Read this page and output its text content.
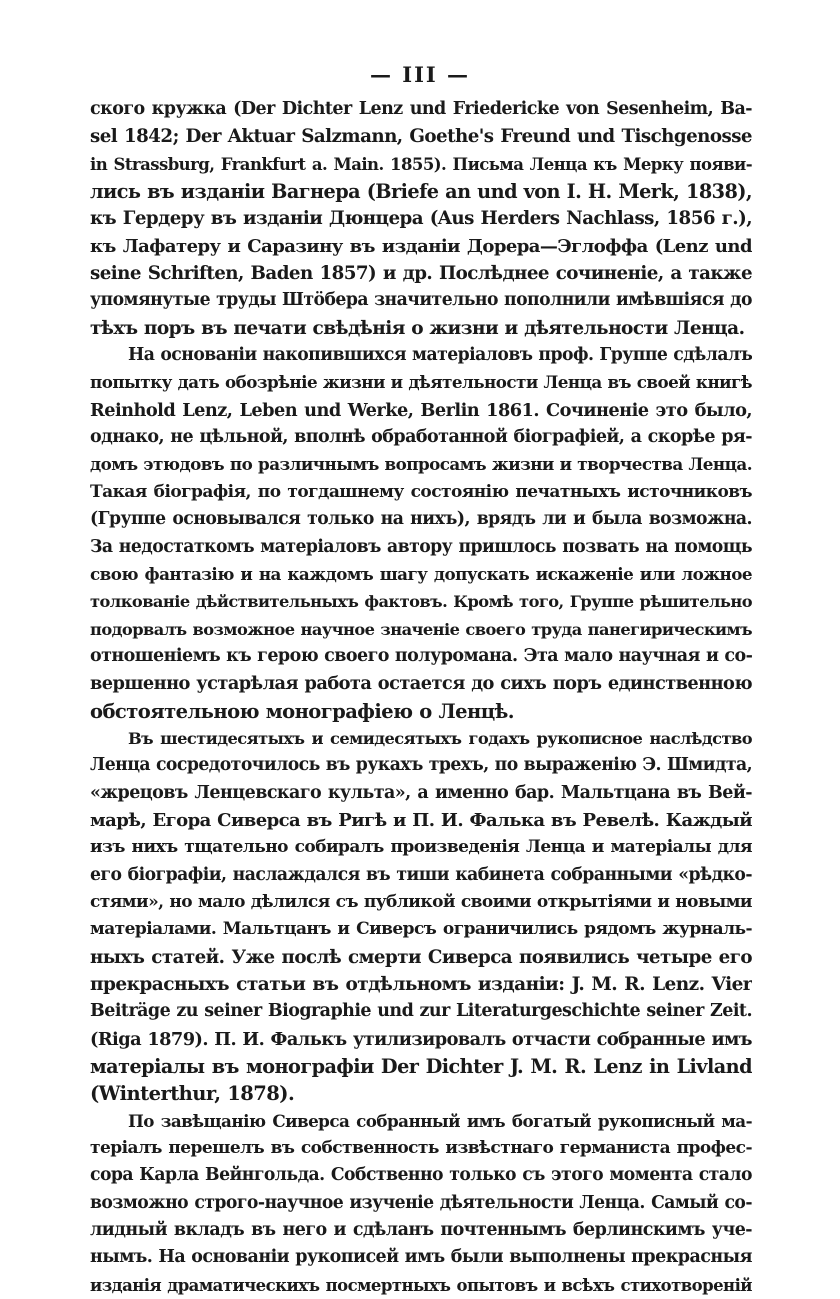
— III —
ского кружка (Der Dichter Lenz und Friedericke von Sesenheim, Ba-
sel 1842; Der Aktuar Salzmann, Goethe's Freund und Tischgenosse
in Strassburg, Frankfurt a. Main. 1855). Письма Ленца къ Мерку появи-
лись въ изданіи Вагнера (Briefe an und von I. H. Merk, 1838),
къ Гердеру въ изданіи Дюнцера (Aus Herders Nachlass, 1856 г.),
къ Лафатеру и Саразину въ изданіи Дорера—Эглоффа (Lenz und
seine Schriften, Baden 1857) и др. Послѣднее сочиненіе, а также
упомянутые труды Штöбера значительно пополнили имѣвшіяся до
тѣхъ поръ въ печати свѣдѣнія о жизни и дѣятельности Ленца.
На основаніи накопившихся матеріаловъ проф. Группе сдѣлалъ
попытку дать обозрѣніе жизни и дѣятельности Ленца въ своей книгѣ
Reinhold Lenz, Leben und Werke, Berlin 1861. Сочиненіе это было,
однако, не цѣльной, вполнѣ обработанной біографіей, а скорѣе ря-
домъ этюдовъ по различнымъ вопросамъ жизни и творчества Ленца.
Такая біографія, по тогдашнему состоянію печатныхъ источниковъ
(Группе основывался только на нихъ), врядъ ли и была возможна.
За недостаткомъ матеріаловъ автору пришлось позвать на помощь
свою фантазію и на каждомъ шагу допускать искаженіе или ложное
толкованіе дѣйствительныхъ фактовъ. Кромѣ того, Группе рѣшительно
подорвалъ возможное научное значеніе своего труда панегирическимъ
отношеніемъ къ герою своего полуромана. Эта мало научная и со-
вершенно устарѣлая работа остается до сихъ поръ единственною
обстоятельною монографіею о Ленцѣ.
Въ шестидесятыхъ и семидесятыхъ годахъ рукописное наслѣдство
Ленца сосредоточилось въ рукахъ трехъ, по выраженію Э. Шмидта,
«жрецовъ Ленцевскаго культа», а именно бар. Мальтцана въ Вей-
марѣ, Егора Сиверса въ Ригѣ и П. И. Фалька въ Ревелѣ. Каждый
изъ нихъ тщательно собиралъ произведенія Ленца и матеріалы для
его біографіи, наслаждался въ тиши кабинета собранными «рѣдко-
стями», но мало дѣлился съ публикой своими открытіями и новыми
матеріалами. Мальтцанъ и Сиверсъ ограничились рядомъ журналь-
ныхъ статей. Уже послѣ смерти Сиверса появились четыре его
прекрасныхъ статьи въ отдѣльномъ изданіи: J. M. R. Lenz. Vier
Beiträge zu seiner Biographie und zur Literaturgeschichte seiner Zeit.
(Riga 1879). П. И. Фалькъ утилизировалъ отчасти собранные имъ
матеріалы въ монографіи Der Dichter J. M. R. Lenz in Livland
(Winterthur, 1878).
По завѣщанію Сиверса собранный имъ богатый рукописный ма-
теріалъ перешелъ въ собственность извѣстнаго германиста профес-
сора Карла Вейнгольда. Собственно только съ этого момента стало
возможно строго-научное изученіе дѣятельности Ленца. Самый со-
лидный вкладъ въ него и сдѣланъ почтеннымъ берлинскимъ уче-
нымъ. На основаніи рукописей имъ были выполнены прекрасныя
изданія драматическихъ посмертныхъ опытовъ и всѣхъ стихотвореній
